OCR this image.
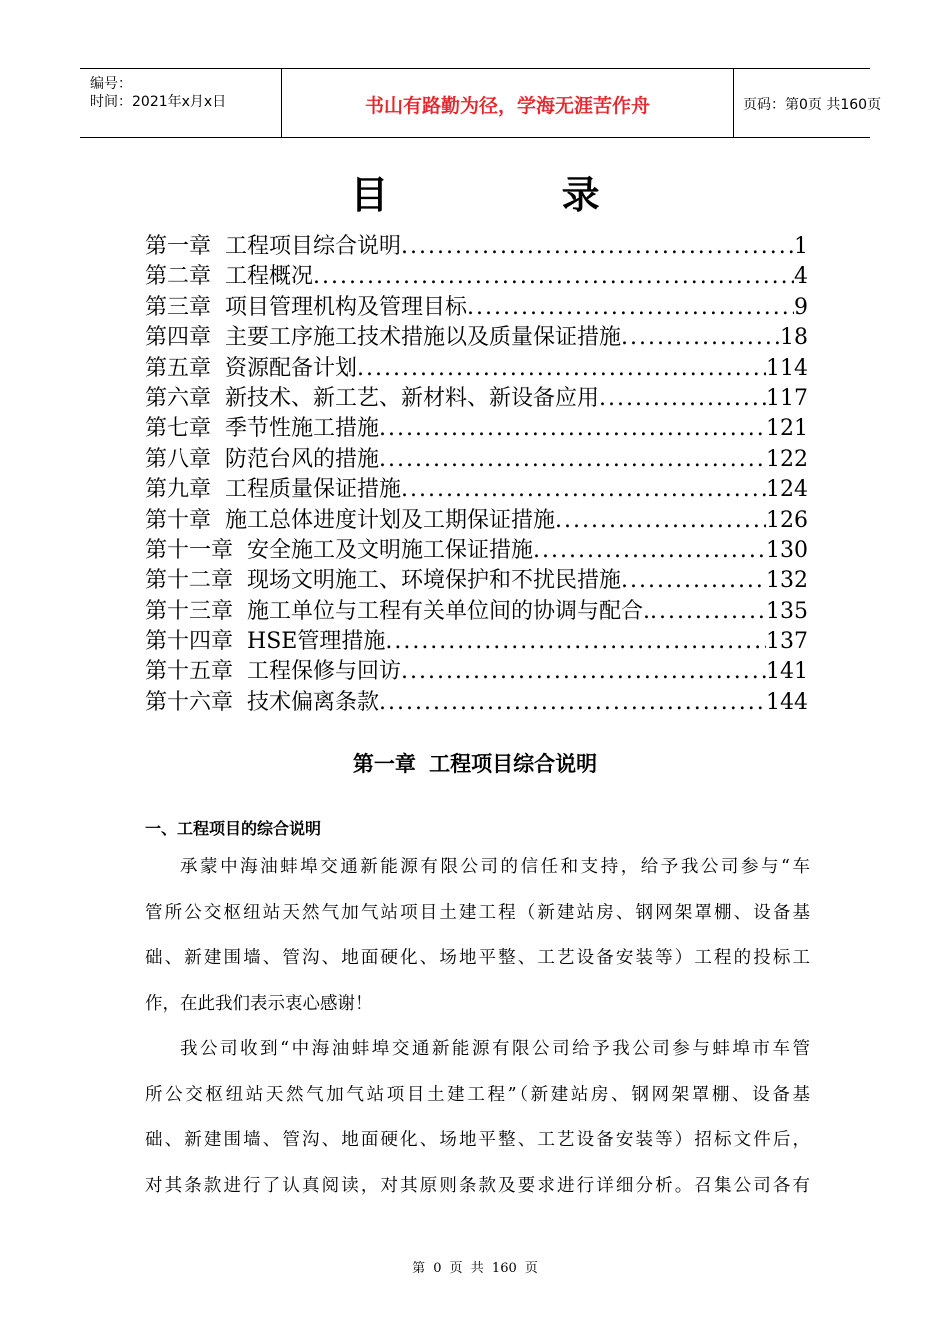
编号：
时间：2021年x月x日	书山有路勤为径，学海无涯苦作舟	页码：第0页 共160页
目 录
第一章 工程项目综合说明 .....	1
第二章 工程概况 .....	4
第三章 项目管理机构及管理目标 .....	9
第四章 主要工序施工技术措施以及质量保证措施 .....	18
第五章 资源配备计划 .....	114
第六章 新技术、新工艺、新材料、新设备应用 .....	117
第七章 季节性施工措施 .....	121
第八章 防范台风的措施 .....	122
第九章 工程质量保证措施 .....	124
第十章 施工总体进度计划及工期保证措施 .....	126
第十一章 安全施工及文明施工保证措施 .....	130
第十二章 现场文明施工、环境保护和不扰民措施 .....	132
第十三章 施工单位与工程有关单位间的协调与配合. .....	135
第十四章 HSE管理措施 .....	137
第十五章 工程保修与回访 .....	141
第十六章 技术偏离条款 .....	144
第一章 工程项目综合说明
一、工程项目的综合说明
承蒙中海油蚌埠交通新能源有限公司的信任和支持，给予我公司参与“车
管所公交枢纽站天然气加气站项目土建工程（新建站房、钢网架罩棚、设备基
础、新建围墙、管沟、地面硬化、场地平整、工艺设备安装等）工程的投标工
作，在此我们表示衷心感谢！
我公司收到“中海油蚌埠交通新能源有限公司给予我公司参与蚌埠市车管
所公交枢纽站天然气加气站项目土建工程”（新建站房、钢网架罩棚、设备基
础、新建围墙、管沟、地面硬化、场地平整、工艺设备安装等）招标文件后，
对其条款进行了认真阅读，对其原则条款及要求进行详细分析。召集公司各有
第 0 页 共 160 页
